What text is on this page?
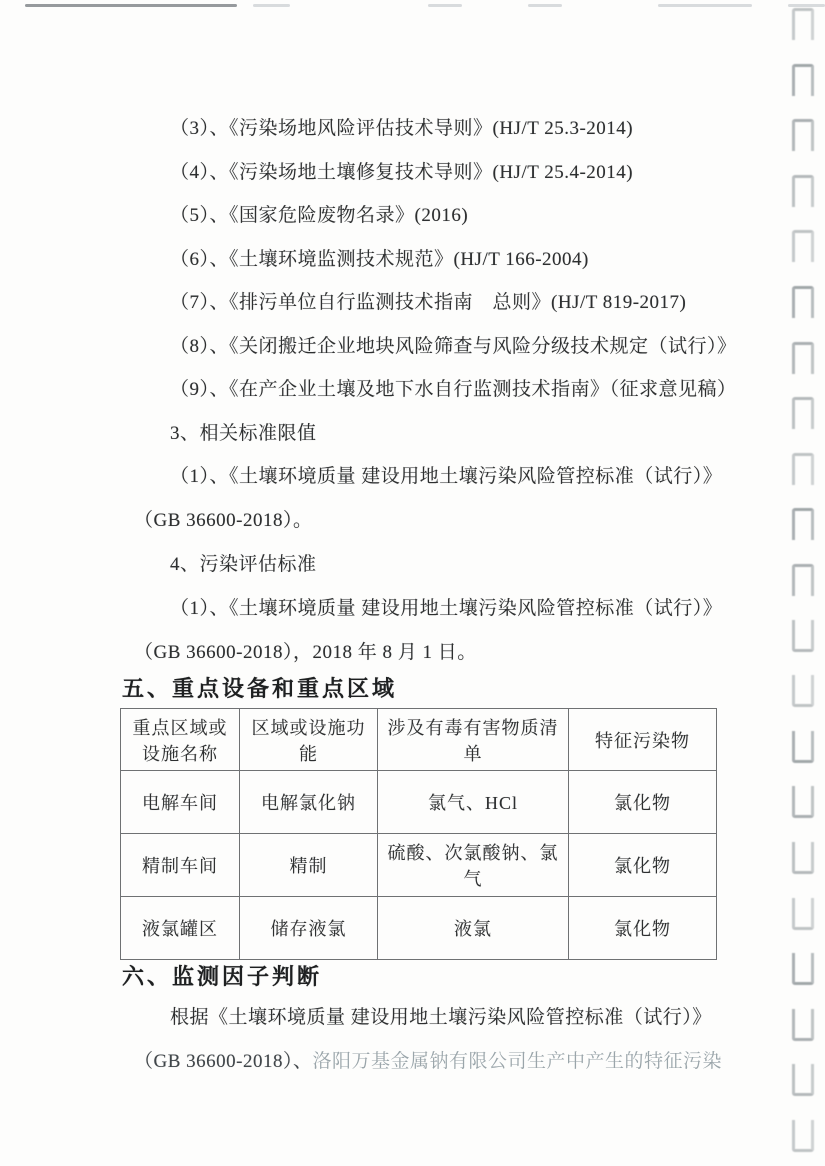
（3）、《污染场地风险评估技术导则》(HJ/T 25.3-2014)

（4）、《污染场地土壤修复技术导则》(HJ/T 25.4-2014)

（5）、《国家危险废物名录》(2016)

（6）、《土壤环境监测技术规范》(HJ/T 166-2004)

（7）、《排污单位自行监测技术指南　总则》(HJ/T 819-2017)

（8）、《关闭搬迁企业地块风险筛查与风险分级技术规定（试行）》

（9）、《在产企业土壤及地下水自行监测技术指南》（征求意见稿）

3、相关标准限值

（1）、《土壤环境质量 建设用地土壤污染风险管控标准（试行）》

（GB 36600-2018）。

4、污染评估标准

（1）、《土壤环境质量 建设用地土壤污染风险管控标准（试行）》

（GB 36600-2018），2018 年 8 月 1 日。

五、重点设备和重点区域
重点区域或设施名称	区域或设施功能	涉及有毒有害物质清单	特征污染物
电解车间	电解氯化钠	氯气、HCl	氯化物
精制车间	精制	硫酸、次氯酸钠、氯气	氯化物
液氯罐区	储存液氯	液氯	氯化物
六、监测因子判断

根据《土壤环境质量 建设用地土壤污染风险管控标准（试行）》

（GB 36600-2018）、洛阳万基金属钠有限公司生产中产生的特征污染
